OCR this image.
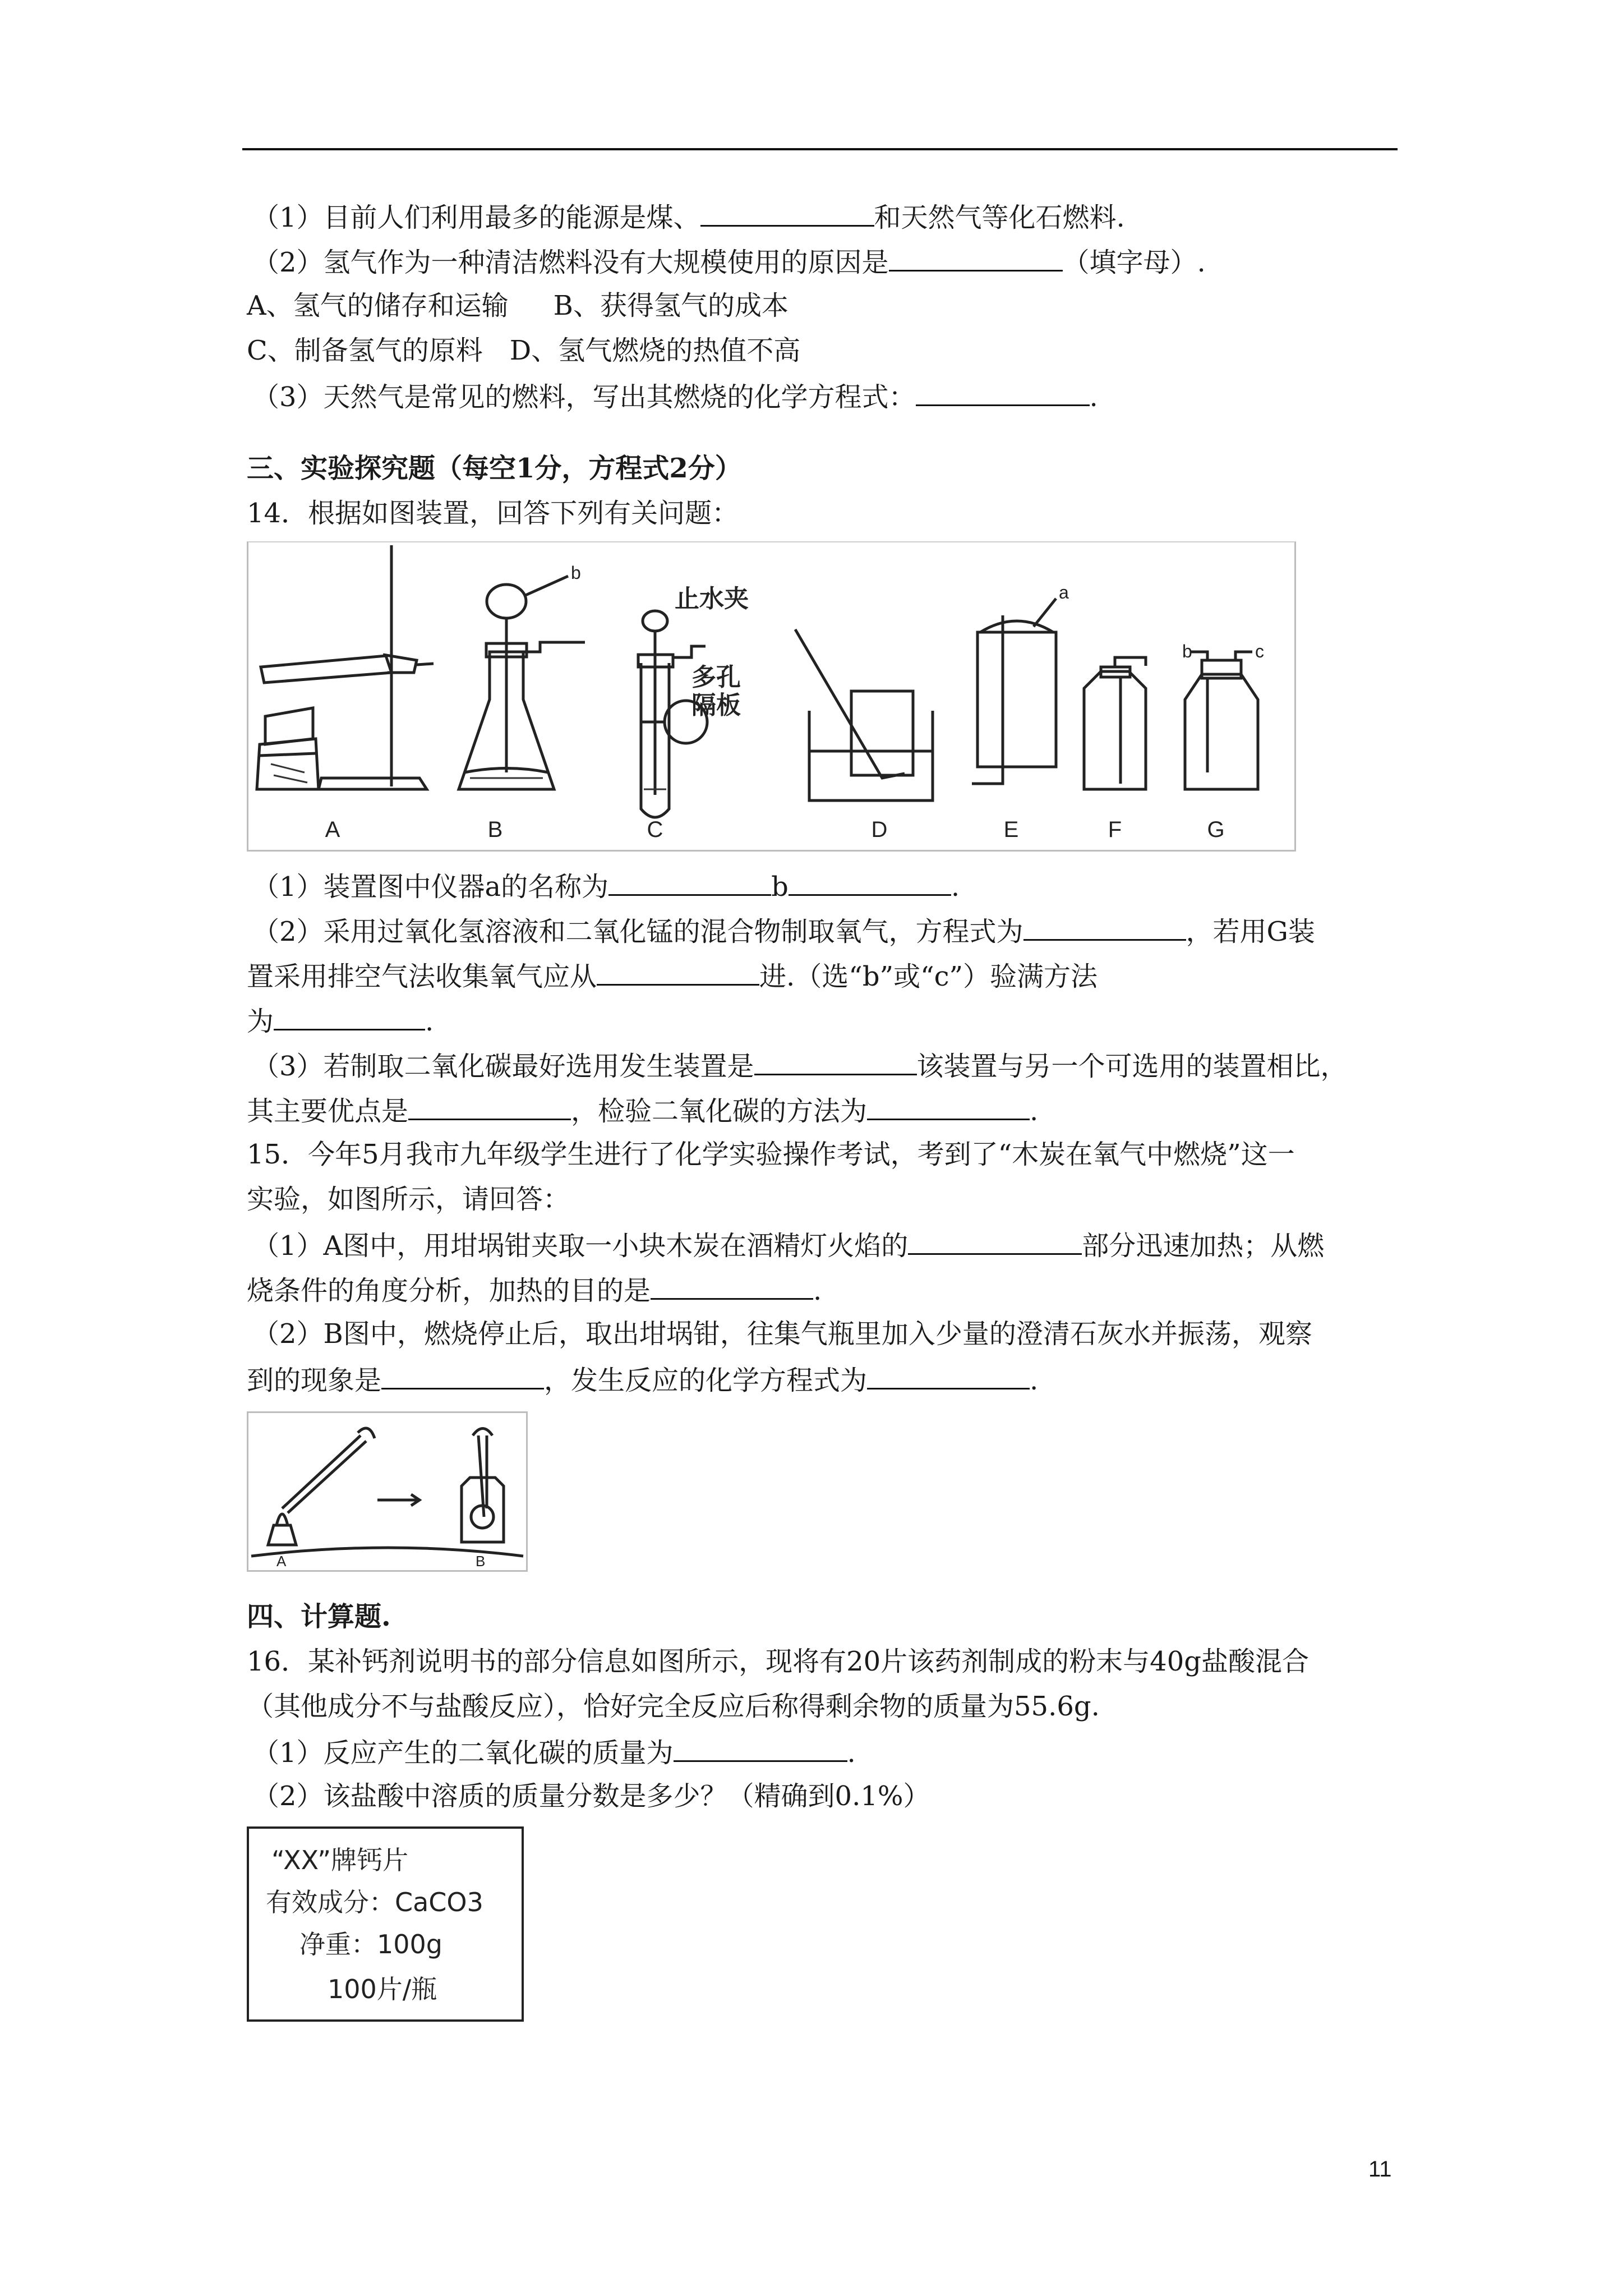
（1）目前人们利用最多的能源是煤、	和天然气等化石燃料.
（2）氢气作为一种清洁燃料没有大规模使用的原因是	（填字母）.
A、氢气的储存和运输 B、获得氢气的成本
C、制备氢气的原料 D、氢气燃烧的热值不高
（3）天然气是常见的燃料，写出其燃烧的化学方程式：	.
三、实验探究题（每空1分，方程式2分）
14．根据如图装置，回答下列有关问题：
A	B	C	D	E	F	G
b
a
b	c
止水夹
多孔
隔板
（1）装置图中仪器a的名称为	b	.
（2）采用过氧化氢溶液和二氧化锰的混合物制取氧气，方程式为	，若用G装
置采用排空气法收集氧气应从	进.（选“b”或“c”）验满方法
为	.
（3）若制取二氧化碳最好选用发生装置是	该装置与另一个可选用的装置相比，
其主要优点是	，检验二氧化碳的方法为	.
15．今年5月我市九年级学生进行了化学实验操作考试，考到了“木炭在氧气中燃烧”这一
实验，如图所示，请回答：
（1）A图中，用坩埚钳夹取一小块木炭在酒精灯火焰的	部分迅速加热；从燃
烧条件的角度分析，加热的目的是	.
（2）B图中，燃烧停止后，取出坩埚钳，往集气瓶里加入少量的澄清石灰水并振荡，观察
到的现象是	，发生反应的化学方程式为	.
A	B
四、计算题.
16．某补钙剂说明书的部分信息如图所示，现将有20片该药剂制成的粉末与40g盐酸混合
（其他成分不与盐酸反应），恰好完全反应后称得剩余物的质量为55.6g.
（1）反应产生的二氧化碳的质量为	.
（2）该盐酸中溶质的质量分数是多少？（精确到0.1%）
“XX”牌钙片
有效成分：CaCO3
净重：100g
100片/瓶
11
